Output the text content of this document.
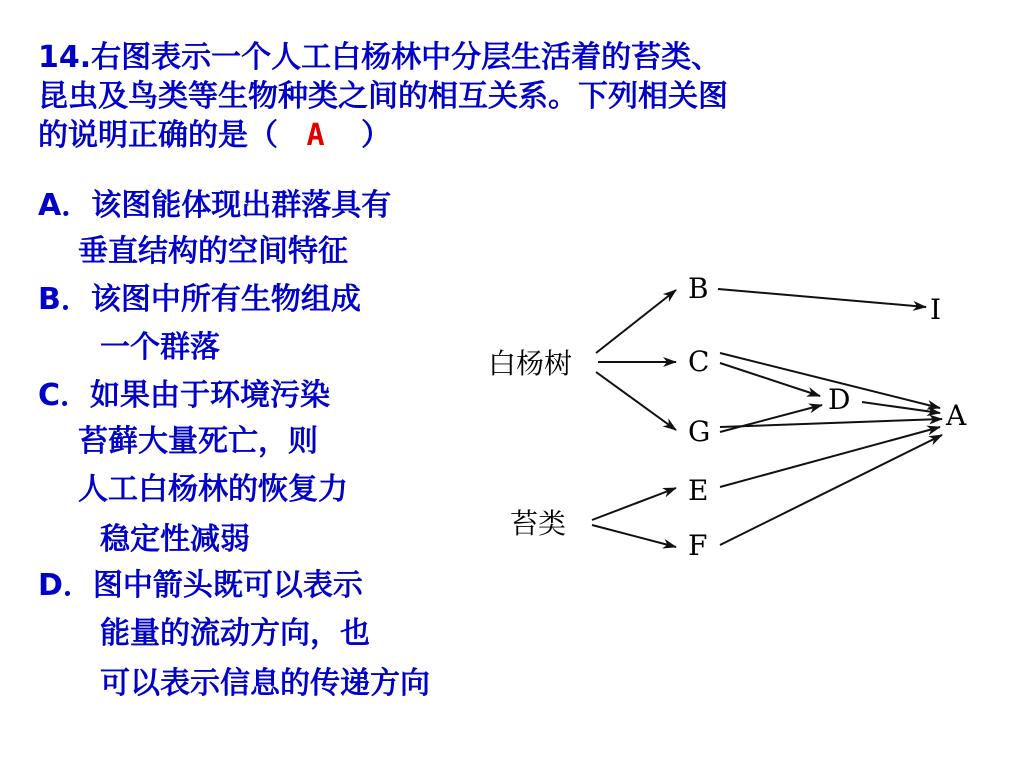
14.右图表示一个人工白杨林中分层生活着的苔类、
昆虫及鸟类等生物种类之间的相互关系。下列相关图
的说明正确的是（ A ）
A．该图能体现出群落具有
垂直结构的空间特征
B．该图中所有生物组成
一个群落
C．如果由于环境污染
苔藓大量死亡，则
人工白杨林的恢复力
稳定性减弱
D．图中箭头既可以表示
能量的流动方向，也
可以表示信息的传递方向
白杨树
苔类
B
C
G
D
I
A
E
F
